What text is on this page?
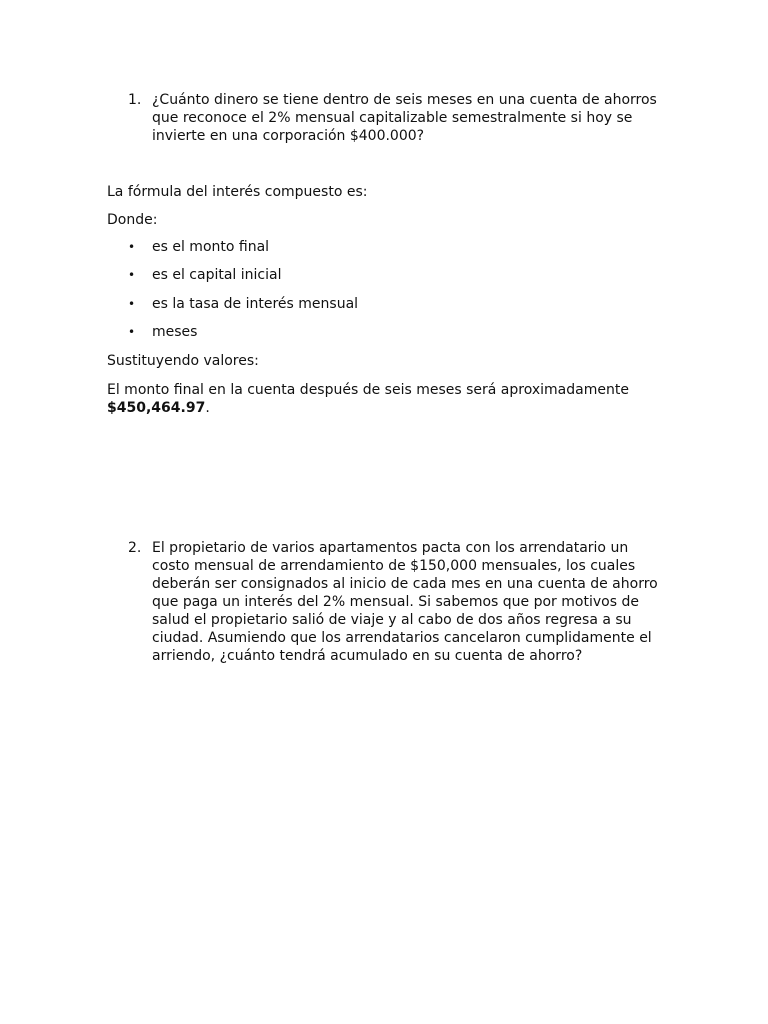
1. ¿Cuánto dinero se tiene dentro de seis meses en una cuenta de ahorros que reconoce el 2% mensual capitalizable semestralmente si hoy se invierte en una corporación $400.000?

La fórmula del interés compuesto es:

Donde:

• es el monto final
• es el capital inicial
• es la tasa de interés mensual
• meses

Sustituyendo valores:

El monto final en la cuenta después de seis meses será aproximadamente $450,464.97.

2. El propietario de varios apartamentos pacta con los arrendatario un costo mensual de arrendamiento de $150,000 mensuales, los cuales deberán ser consignados al inicio de cada mes en una cuenta de ahorro que paga un interés del 2% mensual. Si sabemos que por motivos de salud el propietario salió de viaje y al cabo de dos años regresa a su ciudad. Asumiendo que los arrendatarios cancelaron cumplidamente el arriendo, ¿cuánto tendrá acumulado en su cuenta de ahorro?
